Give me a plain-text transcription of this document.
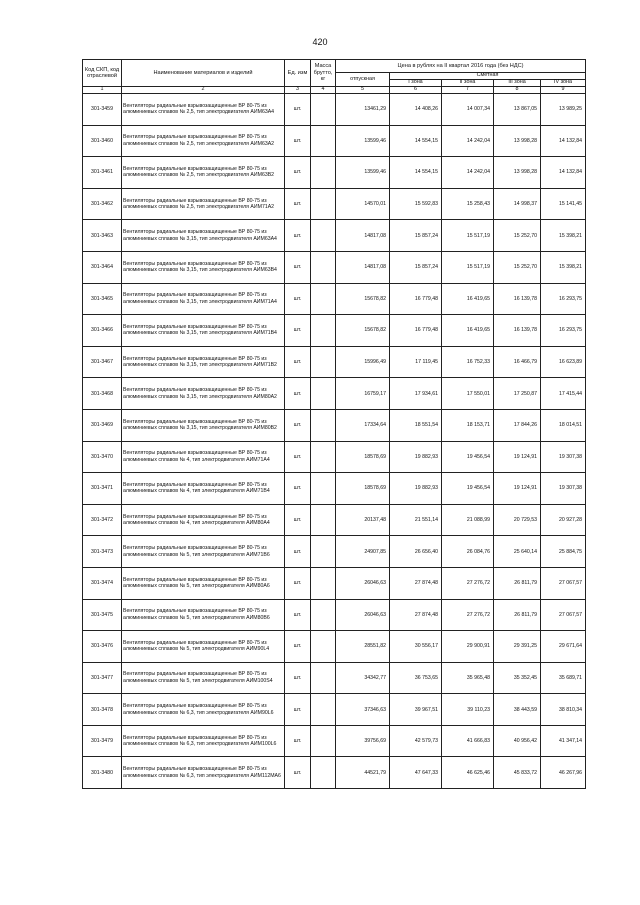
420
Код СКП, код отраслевой	Наименование материалов и изделий	Ед. изм	Масса брутто, кг	Цена в рублях на II квартал 2016 года (без НДС)				
				отпускная	Сметная			
					I зона	II зона	III зона	IV зона
1	2	3	4	5	6	7	8	9
301-3459	Вентиляторы радиальные взрывозащищенные ВР 80-75 из алюминиевых сплавов № 2,5, тип электродвигателя АИМ63А4	шт.		13461,29	14 408,26	14 007,34	13 867,05	13 989,25
301-3460	Вентиляторы радиальные взрывозащищенные ВР 80-75 из алюминиевых сплавов № 2,5, тип электродвигателя АИМ63А2	шт.		13599,46	14 554,15	14 242,04	13 998,28	14 132,84
301-3461	Вентиляторы радиальные взрывозащищенные ВР 80-75 из алюминиевых сплавов № 2,5, тип электродвигателя АИМ63В2	шт.		13599,46	14 554,15	14 242,04	13 998,28	14 132,84
301-3462	Вентиляторы радиальные взрывозащищенные ВР 80-75 из алюминиевых сплавов № 2,5, тип электродвигателя АИМ71А2	шт.		14570,01	15 592,83	15 258,43	14 998,37	15 141,45
301-3463	Вентиляторы радиальные взрывозащищенные ВР 80-75 из алюминиевых сплавов № 3,15, тип электродвигателя АИМ63А4	шт.		14817,08	15 857,24	15 517,19	15 252,70	15 398,21
301-3464	Вентиляторы радиальные взрывозащищенные ВР 80-75 из алюминиевых сплавов № 3,15, тип электродвигателя АИМ63В4	шт.		14817,08	15 857,24	15 517,19	15 252,70	15 398,21
301-3465	Вентиляторы радиальные взрывозащищенные ВР 80-75 из алюминиевых сплавов № 3,15, тип электродвигателя АИМ71А4	шт.		15678,82	16 779,48	16 419,65	16 139,78	16 293,75
301-3466	Вентиляторы радиальные взрывозащищенные ВР 80-75 из алюминиевых сплавов № 3,15, тип электродвигателя АИМ71В4	шт.		15678,82	16 779,48	16 419,65	16 139,78	16 293,75
301-3467	Вентиляторы радиальные взрывозащищенные ВР 80-75 из алюминиевых сплавов № 3,15, тип электродвигателя АИМ71В2	шт.		15996,49	17 119,45	16 752,33	16 466,79	16 623,89
301-3468	Вентиляторы радиальные взрывозащищенные ВР 80-75 из алюминиевых сплавов № 3,15, тип электродвигателя АИМ80А2	шт.		16759,17	17 934,61	17 550,01	17 250,87	17 415,44
301-3469	Вентиляторы радиальные взрывозащищенные ВР 80-75 из алюминиевых сплавов № 3,15, тип электродвигателя АИМ80В2	шт.		17334,64	18 551,54	18 153,71	17 844,26	18 014,51
301-3470	Вентиляторы радиальные взрывозащищенные ВР 80-75 из алюминиевых сплавов № 4, тип электродвигателя АИМ71А4	шт.		18578,69	19 882,93	19 456,54	19 124,91	19 307,38
301-3471	Вентиляторы радиальные взрывозащищенные ВР 80-75 из алюминиевых сплавов № 4, тип электродвигателя АИМ71В4	шт.		18578,69	19 882,93	19 456,54	19 124,91	19 307,38
301-3472	Вентиляторы радиальные взрывозащищенные ВР 80-75 из алюминиевых сплавов № 4, тип электродвигателя АИМ80А4	шт.		20137,48	21 551,14	21 088,99	20 729,53	20 927,28
301-3473	Вентиляторы радиальные взрывозащищенные ВР 80-75 из алюминиевых сплавов № 5, тип электродвигателя АИМ71В6	шт.		24907,85	26 656,40	26 084,76	25 640,14	25 884,75
301-3474	Вентиляторы радиальные взрывозащищенные ВР 80-75 из алюминиевых сплавов № 5, тип электродвигателя АИМ80А6	шт.		26046,63	27 874,48	27 276,72	26 811,79	27 067,57
301-3475	Вентиляторы радиальные взрывозащищенные ВР 80-75 из алюминиевых сплавов № 5, тип электродвигателя АИМ80В6	шт.		26046,63	27 874,48	27 276,72	26 811,79	27 067,57
301-3476	Вентиляторы радиальные взрывозащищенные ВР 80-75 из алюминиевых сплавов № 5, тип электродвигателя АИМ90L4	шт.		28551,82	30 556,17	29 900,91	29 391,25	29 671,64
301-3477	Вентиляторы радиальные взрывозащищенные ВР 80-75 из алюминиевых сплавов № 5, тип электродвигателя АИМ100S4	шт.		34342,77	36 753,65	35 965,48	35 352,45	35 689,71
301-3478	Вентиляторы радиальные взрывозащищенные ВР 80-75 из алюминиевых сплавов № 6,3, тип электродвигателя АИМ90L6	шт.		37346,63	39 967,51	39 110,23	38 443,59	38 810,34
301-3479	Вентиляторы радиальные взрывозащищенные ВР 80-75 из алюминиевых сплавов № 6,3, тип электродвигателя АИМ100L6	шт.		39756,69	42 579,73	41 666,83	40 956,42	41 347,14
301-3480	Вентиляторы радиальные взрывозащищенные ВР 80-75 из алюминиевых сплавов № 6,3, тип электродвигателя АИМ112МА6	шт.		44521,79	47 647,33	46 625,46	45 833,72	46 267,96
